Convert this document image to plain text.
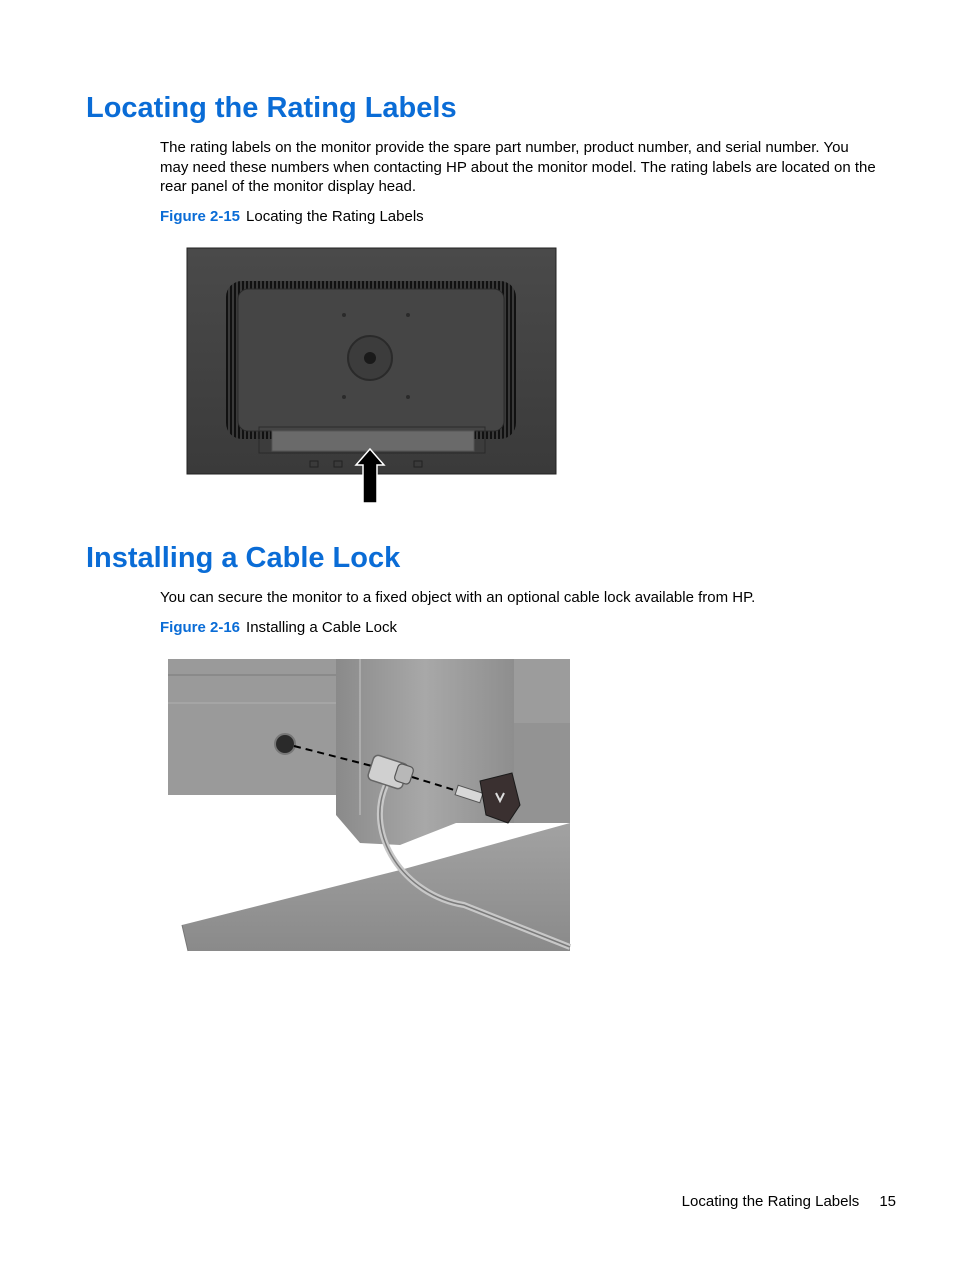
Locating the Rating Labels

The rating labels on the monitor provide the spare part number, product number, and serial number. You may need these numbers when contacting HP about the monitor model. The rating labels are located on the rear panel of the monitor display head.

Figure 2-15 Locating the Rating Labels

Installing a Cable Lock

You can secure the monitor to a fixed object with an optional cable lock available from HP.

Figure 2-16 Installing a Cable Lock

Locating the Rating Labels 15
